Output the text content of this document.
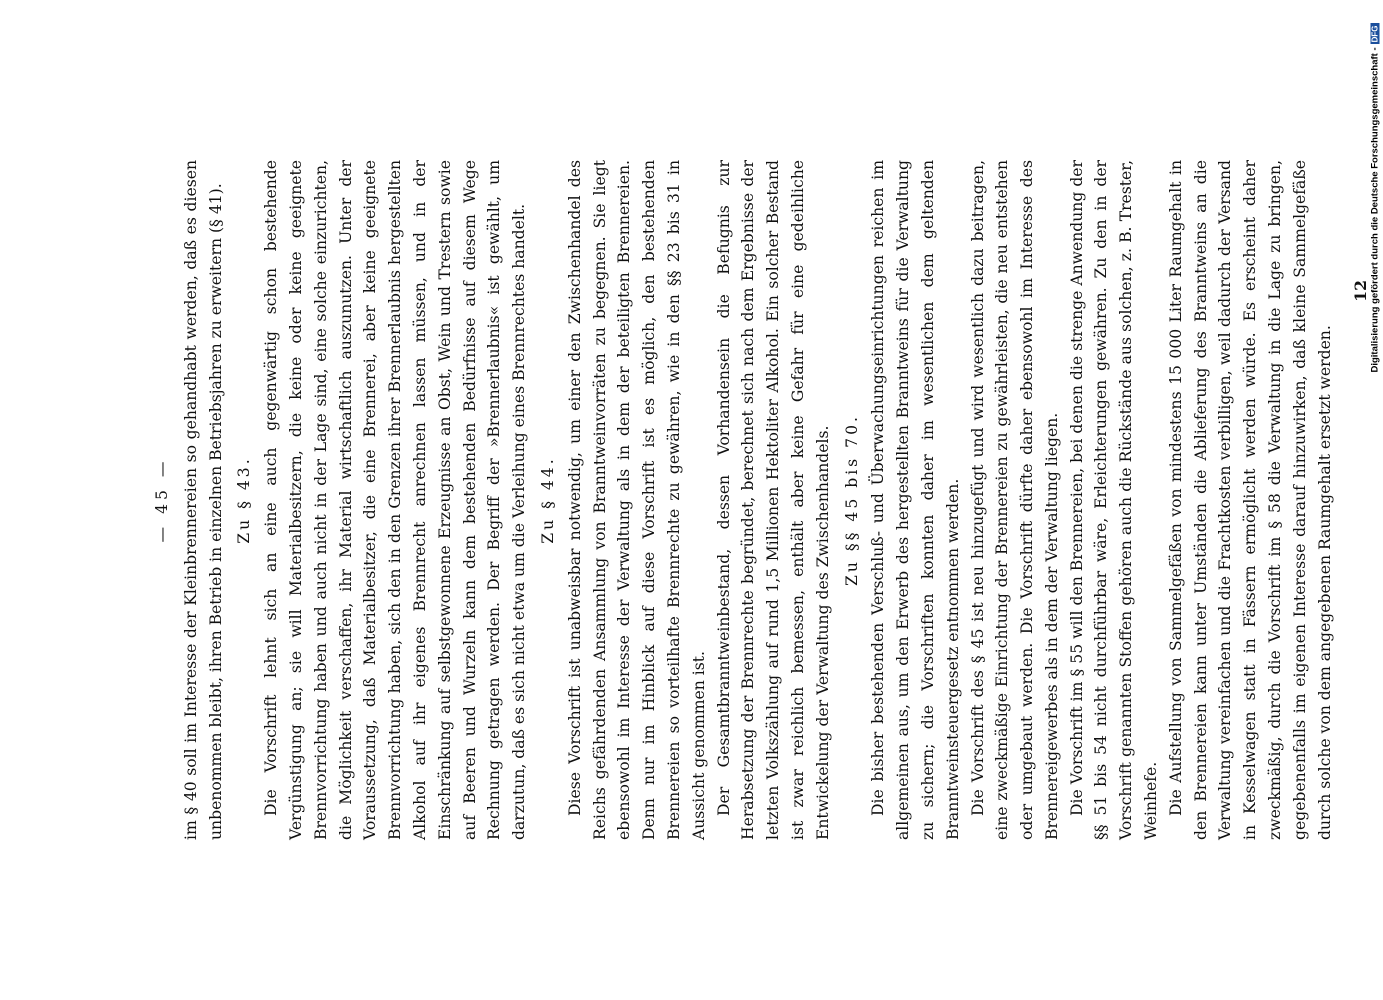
— 45 — im § 40 soll im Interesse der Kleinbrennereien so gehandhabt werden, daß es diesen unbenommen bleibt, ihren Betrieb in einzelnen Betriebsjahren zu erweitern (§ 41). Zu § 43. Die Vorschrift lehnt sich an eine auch gegenwärtig schon bestehende Vergünstigung an; sie will Materialbesitzern, die keine oder keine geeignete Brennvorrichtung haben und auch nicht in der Lage sind, eine solche einzurichten, die Möglichkeit verschaffen, ihr Material wirtschaftlich auszunutzen. Unter der Voraussetzung, daß Materialbesitzer, die eine Brennerei, aber keine geeignete Brennvorrichtung haben, sich den in den Grenzen ihrer Brennerlaubnis hergestellten Alkohol auf ihr eigenes Brennrecht anrechnen lassen müssen, und in der Einschränkung auf selbstgewonnene Erzeugnisse an Obst, Wein und Trestern sowie auf Beeren und Wurzeln kann dem bestehenden Bedürfnisse auf diesem Wege Rechnung getragen werden. Der Begriff der »Brennerlaubnis« ist gewählt, um darzutun, daß es sich nicht etwa um die Verleihung eines Brennrechtes handelt. Zu § 44. Diese Vorschrift ist unabweisbar notwendig, um einer den Zwischenhandel des Reichs gefährdenden Ansammlung von Branntweinvorräten zu begegnen. Sie liegt ebensowohl im Interesse der Verwaltung als in dem der beteiligten Brennereien. Denn nur im Hinblick auf diese Vorschrift ist es möglich, den bestehenden Brennereien so vorteilhafte Brennrechte zu gewähren, wie in den §§ 23 bis 31 in Aussicht genommen ist. Der Gesamtbranntweinbestand, dessen Vorhandensein die Befugnis zur Herabsetzung der Brennrechte begründet, berechnet sich nach dem Ergebnisse der letzten Volkszählung auf rund 1,5 Millionen Hektoliter Alkohol. Ein solcher Bestand ist zwar reichlich bemessen, enthält aber keine Gefahr für eine gedeihliche Entwickelung der Verwaltung des Zwischenhandels. Zu §§ 45 bis 70. Die bisher bestehenden Verschluß- und Überwachungseinrichtungen reichen im allgemeinen aus, um den Erwerb des hergestellten Branntweins für die Verwaltung zu sichern; die Vorschriften konnten daher im wesentlichen dem geltenden Branntweinsteuergesetz entnommen werden. Die Vorschrift des § 45 ist neu hinzugefügt und wird wesentlich dazu beitragen, eine zweckmäßige Einrichtung der Brennereien zu gewährleisten, die neu entstehen oder umgebaut werden. Die Vorschrift dürfte daher ebensowohl im Interesse des Brennereigewerbes als in dem der Verwaltung liegen. Die Vorschrift im § 55 will den Brennereien, bei denen die strenge Anwendung der §§ 51 bis 54 nicht durchführbar wäre, Erleichterungen gewähren. Zu den in der Vorschrift genannten Stoffen gehören auch die Rückstände aus solchen, z. B. Trester, Weinhefe. Die Aufstellung von Sammelgefäßen von mindestens 15 000 Liter Raumgehalt in den Brennereien kann unter Umständen die Ablieferung des Branntweins an die Verwaltung vereinfachen und die Frachtkosten verbilligen, weil dadurch der Versand in Kesselwagen statt in Fässern ermöglicht werden würde. Es erscheint daher zweckmäßig, durch die Vorschrift im § 58 die Verwaltung in die Lage zu bringen, gegebenenfalls im eigenen Interesse darauf hinzuwirken, daß kleine Sammelgefäße durch solche von dem angegebenen Raumgehalt ersetzt werden.

12 Digitalisierung gefördert durch die Deutsche Forschungsgemeinschaft -DFG
